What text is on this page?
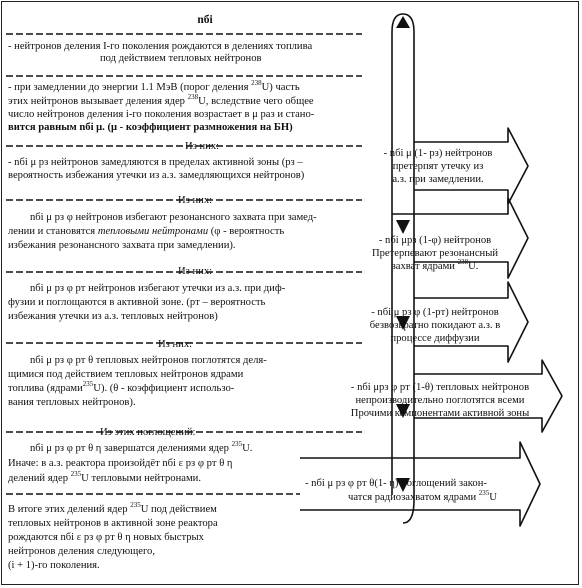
nбi
- нейтронов деления I-го поколения рождаются в делениях топлива
под действием тепловых нейтронов
- при замедлении до энергии 1.1 МэВ (порог деления $^{238}$U) часть
этих нейтронов вызывает деления ядер $^{238}$U, вследствие чего общее
число нейтронов деления i-го поколения возрастает в μ раз и стано-
вится равным nбi μ. (μ - коэффициент размножения на БН)
Из них:
- nбi μ pз нейтронов замедляются в пределах активной зоны (pз –
вероятность избежания утечки из а.з. замедляющихся нейтронов)
Из них:
nбi μ pз φ нейтронов избегают резонансного захвата при замед-
лении и становятся тепловыми нейтронами (φ - вероятность
избежания резонансного захвата при замедлении).
Из них:
nбi μ pз φ pт нейтронов избегают утечки из а.з. при диф-
фузии и поглощаются в активной зоне. (pт – вероятность
избежания утечки из а.з. тепловых нейтронов)
Из них:
nбi μ pз φ pт θ тепловых нейтронов поглотятся деля-
щимися под действием тепловых нейтронов ядрами
топлива (ядрами$^{235}$U). (θ - коэффициент использо-
вания тепловых нейтронов).
Из этих поглощений:
nбi μ pз φ pт θ η завершатся делениями ядер $^{235}$U.
Иначе: в а.з. реактора произойдёт nбi ε pз φ pт θ η
делений ядер $^{235}$U тепловыми нейтронами.
В итоге этих делений ядер $^{235}$U под действием
тепловых нейтронов в активной зоне реактора
рождаются nбi ε pз φ pт θ η новых быстрых
нейтронов деления следующего,
(i + 1)-го поколения.
- nбi μ (1- pз) нейтронов
претерпят утечку из
а.з. при замедлении.
- nбi μpз (1-φ) нейтронов
Претерпевают резонансный
захват ядрами $^{238}$U.
- nбi μ pз φ (1-pт) нейтронов
безвозвратно покидают а.з. в
процессе диффузии
- nбi μpз φ pт (1-θ) тепловых нейтронов
непроизводительно поглотятся всеми
Прочими компонентами активной зоны
- nбi μ pз φ pт θ(1- η) поглощений закон-
чатся радиозахватом ядрами $^{235}$U
